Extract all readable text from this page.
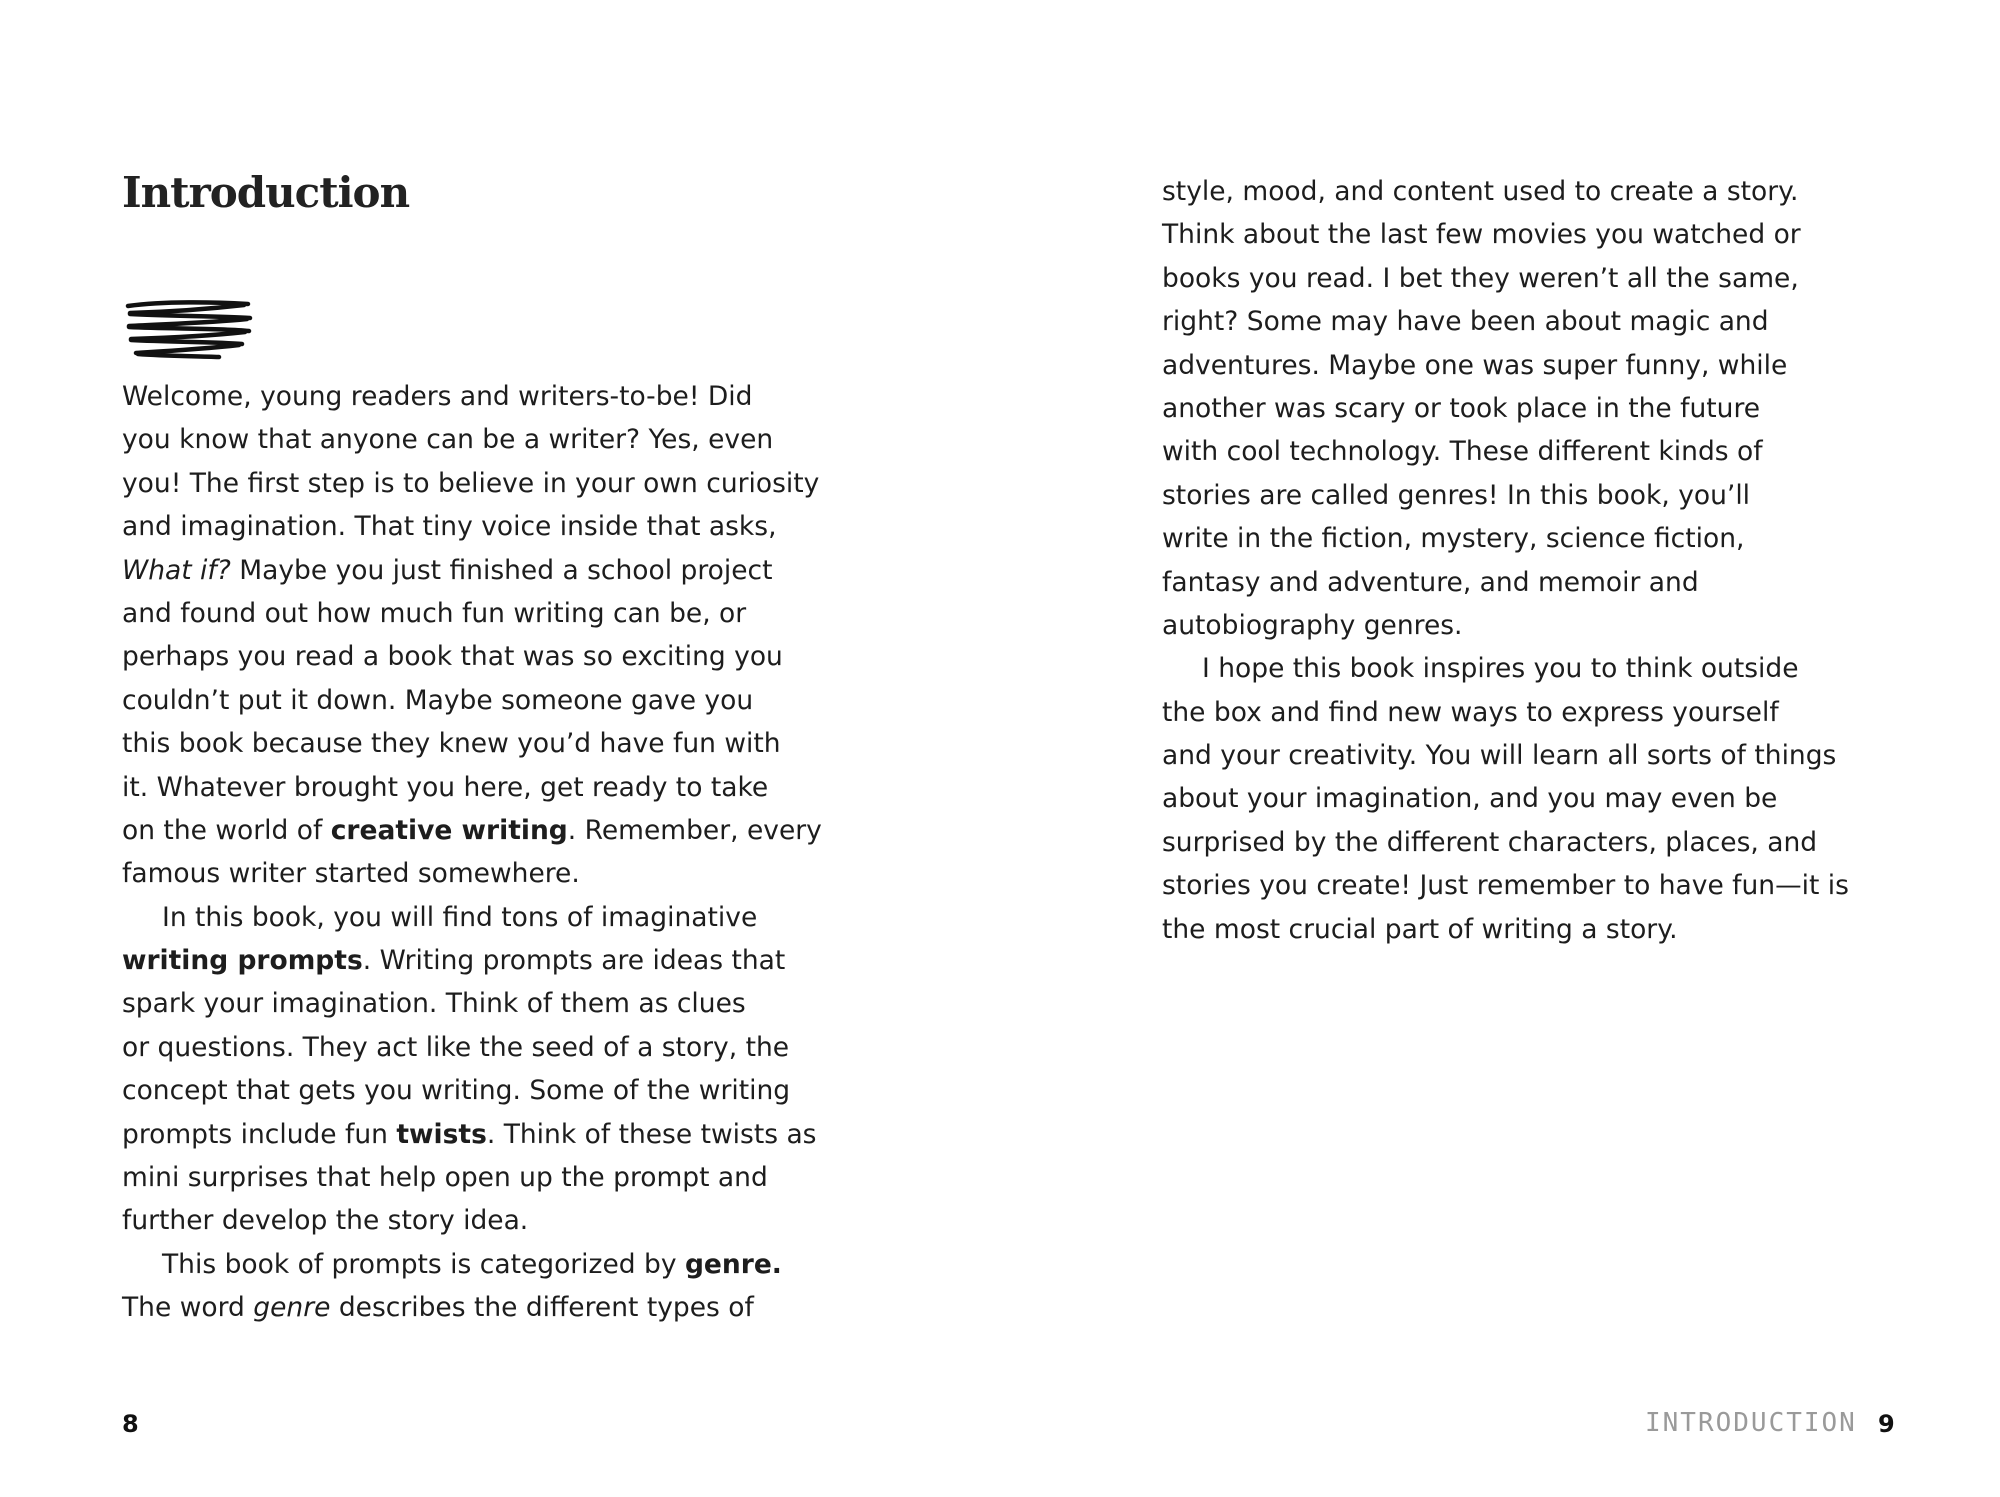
Introduction
Welcome, young readers and writers-to-be! Did
you know that anyone can be a writer? Yes, even
you! The first step is to believe in your own curiosity
and imagination. That tiny voice inside that asks,
What if? Maybe you just finished a school project
and found out how much fun writing can be, or
perhaps you read a book that was so exciting you
couldn’t put it down. Maybe someone gave you
this book because they knew you’d have fun with
it. Whatever brought you here, get ready to take
on the world of creative writing. Remember, every
famous writer started somewhere.
In this book, you will find tons of imaginative
writing prompts. Writing prompts are ideas that
spark your imagination. Think of them as clues
or questions. They act like the seed of a story, the
concept that gets you writing. Some of the writing
prompts include fun twists. Think of these twists as
mini surprises that help open up the prompt and
further develop the story idea.
This book of prompts is categorized by genre.
The word genre describes the different types of

8

style, mood, and content used to create a story.
Think about the last few movies you watched or
books you read. I bet they weren’t all the same,
right? Some may have been about magic and
adventures. Maybe one was super funny, while
another was scary or took place in the future
with cool technology. These different kinds of
stories are called genres! In this book, you’ll
write in the fiction, mystery, science fiction,
fantasy and adventure, and memoir and
autobiography genres.
I hope this book inspires you to think outside
the box and find new ways to express yourself
and your creativity. You will learn all sorts of things
about your imagination, and you may even be
surprised by the different characters, places, and
stories you create! Just remember to have fun—it is
the most crucial part of writing a story.

INTRODUCTION 9
